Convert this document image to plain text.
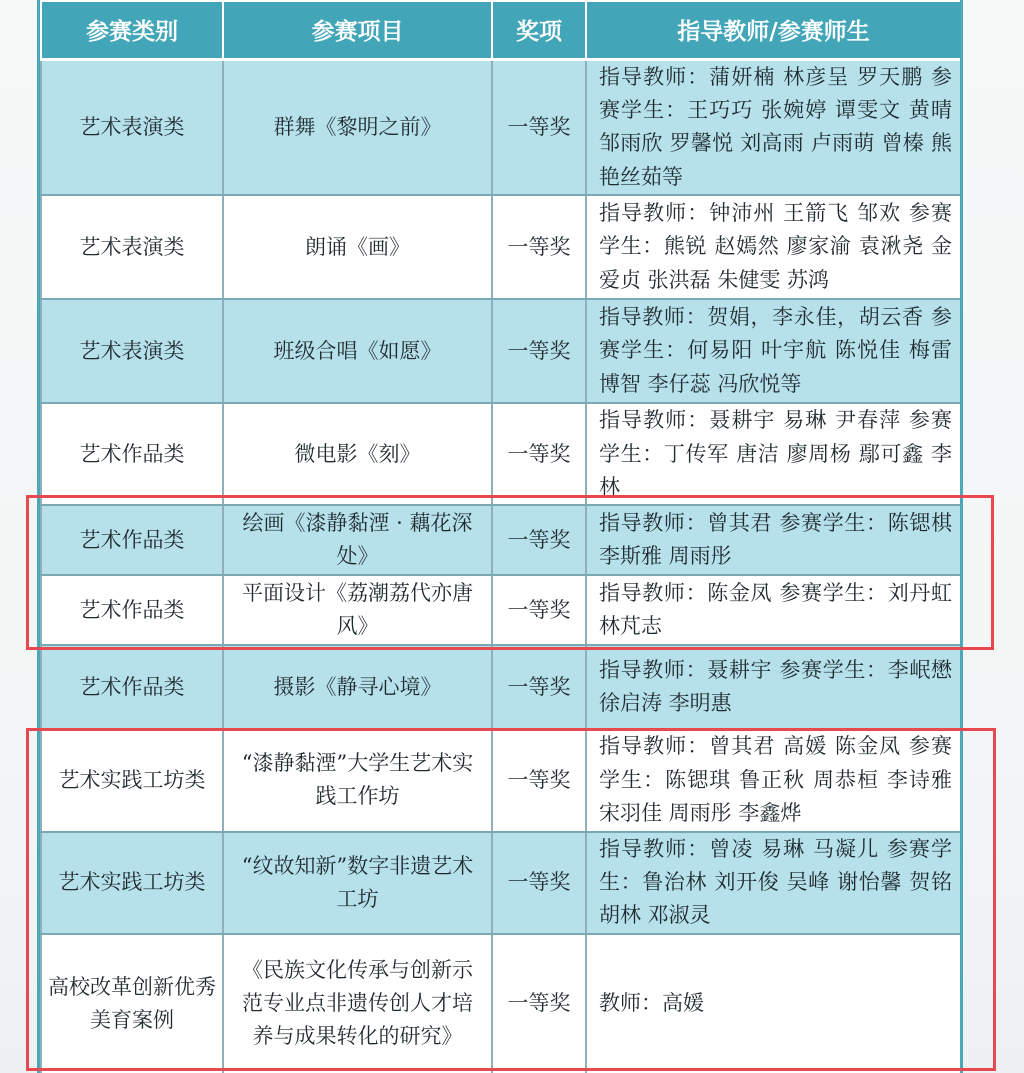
参赛类别	参赛项目	奖项	指导教师/参赛师生
艺术表演类	群舞《黎明之前》	一等奖	指导教师：蒲妍楠 林彦呈 罗天鹏 参赛学生：王巧巧 张婉婷 谭雯文 黄晴 邹雨欣 罗馨悦 刘高雨 卢雨萌 曾榛 熊艳丝茹等
艺术表演类	朗诵《画》	一等奖	指导教师：钟沛州 王箭飞 邹欢 参赛学生：熊锐 赵嫣然 廖家渝 袁湫尧 金爱贞 张洪磊 朱健雯 苏鸿
艺术表演类	班级合唱《如愿》	一等奖	指导教师：贺娟，李永佳，胡云香 参赛学生：何易阳 叶宇航 陈悦佳 梅雷博智 李仔蕊 冯欣悦等
艺术作品类	微电影《刻》	一等奖	指导教师：聂耕宇 易琳 尹春萍 参赛学生：丁传军 唐洁 廖周杨 鄢可鑫 李林
艺术作品类	绘画《漆静黏湮 · 藕花深处》	一等奖	指导教师：曾其君 参赛学生：陈锶棋 李斯雅 周雨彤
艺术作品类	平面设计《荔潮荔代亦唐风》	一等奖	指导教师：陈金凤 参赛学生：刘丹虹 林芃志
艺术作品类	摄影《静寻心境》	一等奖	指导教师：聂耕宇 参赛学生：李岷懋 徐启涛 李明惠
艺术实践工坊类	“漆静黏湮”大学生艺术实践工作坊	一等奖	指导教师：曾其君 高媛 陈金凤 参赛学生：陈锶琪 鲁正秋 周恭桓 李诗雅 宋羽佳 周雨彤 李鑫烨
艺术实践工坊类	“纹故知新”数字非遗艺术工坊	一等奖	指导教师：曾凌 易琳 马凝儿 参赛学生：鲁治林 刘开俊 吴峰 谢怡馨 贺铭 胡林 邓淑灵
高校改革创新优秀美育案例	《民族文化传承与创新示范专业点非遗传创人才培养与成果转化的研究》	一等奖	教师：高媛
